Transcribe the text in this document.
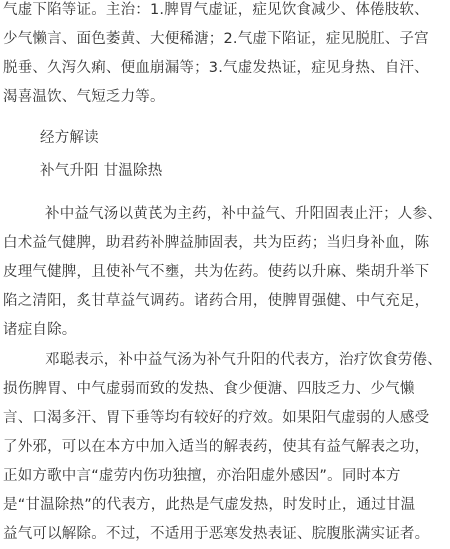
气虚下陷等证。主治：1.脾胃气虚证，症见饮食减少、体倦肢软、
少气懒言、面色萎黄、大便稀溏；2.气虚下陷证，症见脱肛、子宫
脱垂、久泻久痢、便血崩漏等；3.气虚发热证，症见身热、自汗、
渴喜温饮、气短乏力等。
经方解读
补气升阳 甘温除热
补中益气汤以黄芪为主药，补中益气、升阳固表止汗；人参、
白术益气健脾，助君药补脾益肺固表，共为臣药；当归身补血，陈
皮理气健脾，且使补气不壅，共为佐药。使药以升麻、柴胡升举下
陷之清阳，炙甘草益气调药。诸药合用，使脾胃强健、中气充足，
诸症自除。
邓聪表示，补中益气汤为补气升阳的代表方，治疗饮食劳倦、
损伤脾胃、中气虚弱而致的发热、食少便溏、四肢乏力、少气懒
言、口渴多汗、胃下垂等均有较好的疗效。如果阳气虚弱的人感受
了外邪，可以在本方中加入适当的解表药，使其有益气解表之功，
正如方歌中言“虚劳内伤功独擅，亦治阳虚外感因”。同时本方
是“甘温除热”的代表方，此热是气虚发热，时发时止，通过甘温
益气可以解除。不过，不适用于恶寒发热表证、脘腹胀满实证者。
